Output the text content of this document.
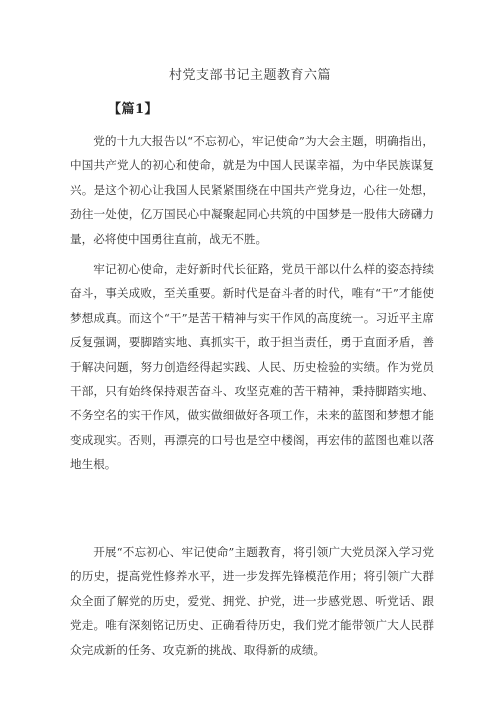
村党支部书记主题教育六篇
【篇1】

党的十九大报告以“不忘初心，牢记使命”为大会主题，明确指出，中国共产党人的初心和使命，就是为中国人民谋幸福，为中华民族谋复兴。是这个初心让我国人民紧紧围绕在中国共产党身边，心往一处想，劲往一处使，亿万国民心中凝聚起同心共筑的中国梦是一股伟大磅礴力量，必将使中国勇往直前，战无不胜。

牢记初心使命，走好新时代长征路，党员干部以什么样的姿态持续奋斗，事关成败，至关重要。新时代是奋斗者的时代，唯有“干”才能使梦想成真。而这个“干”是苦干精神与实干作风的高度统一。习近平主席反复强调，要脚踏实地、真抓实干，敢于担当责任，勇于直面矛盾，善于解决问题，努力创造经得起实践、人民、历史检验的实绩。作为党员干部，只有始终保持艰苦奋斗、攻坚克难的苦干精神，秉持脚踏实地、不务空名的实干作风，做实做细做好各项工作，未来的蓝图和梦想才能变成现实。否则，再漂亮的口号也是空中楼阁，再宏伟的蓝图也难以落地生根。

开展“不忘初心、牢记使命”主题教育，将引领广大党员深入学习党的历史，提高党性修养水平，进一步发挥先锋模范作用；将引领广大群众全面了解党的历史，爱党、拥党、护党，进一步感党恩、听党话、跟党走。唯有深刻铭记历史、正确看待历史，我们党才能带领广大人民群众完成新的任务、攻克新的挑战、取得新的成绩。
